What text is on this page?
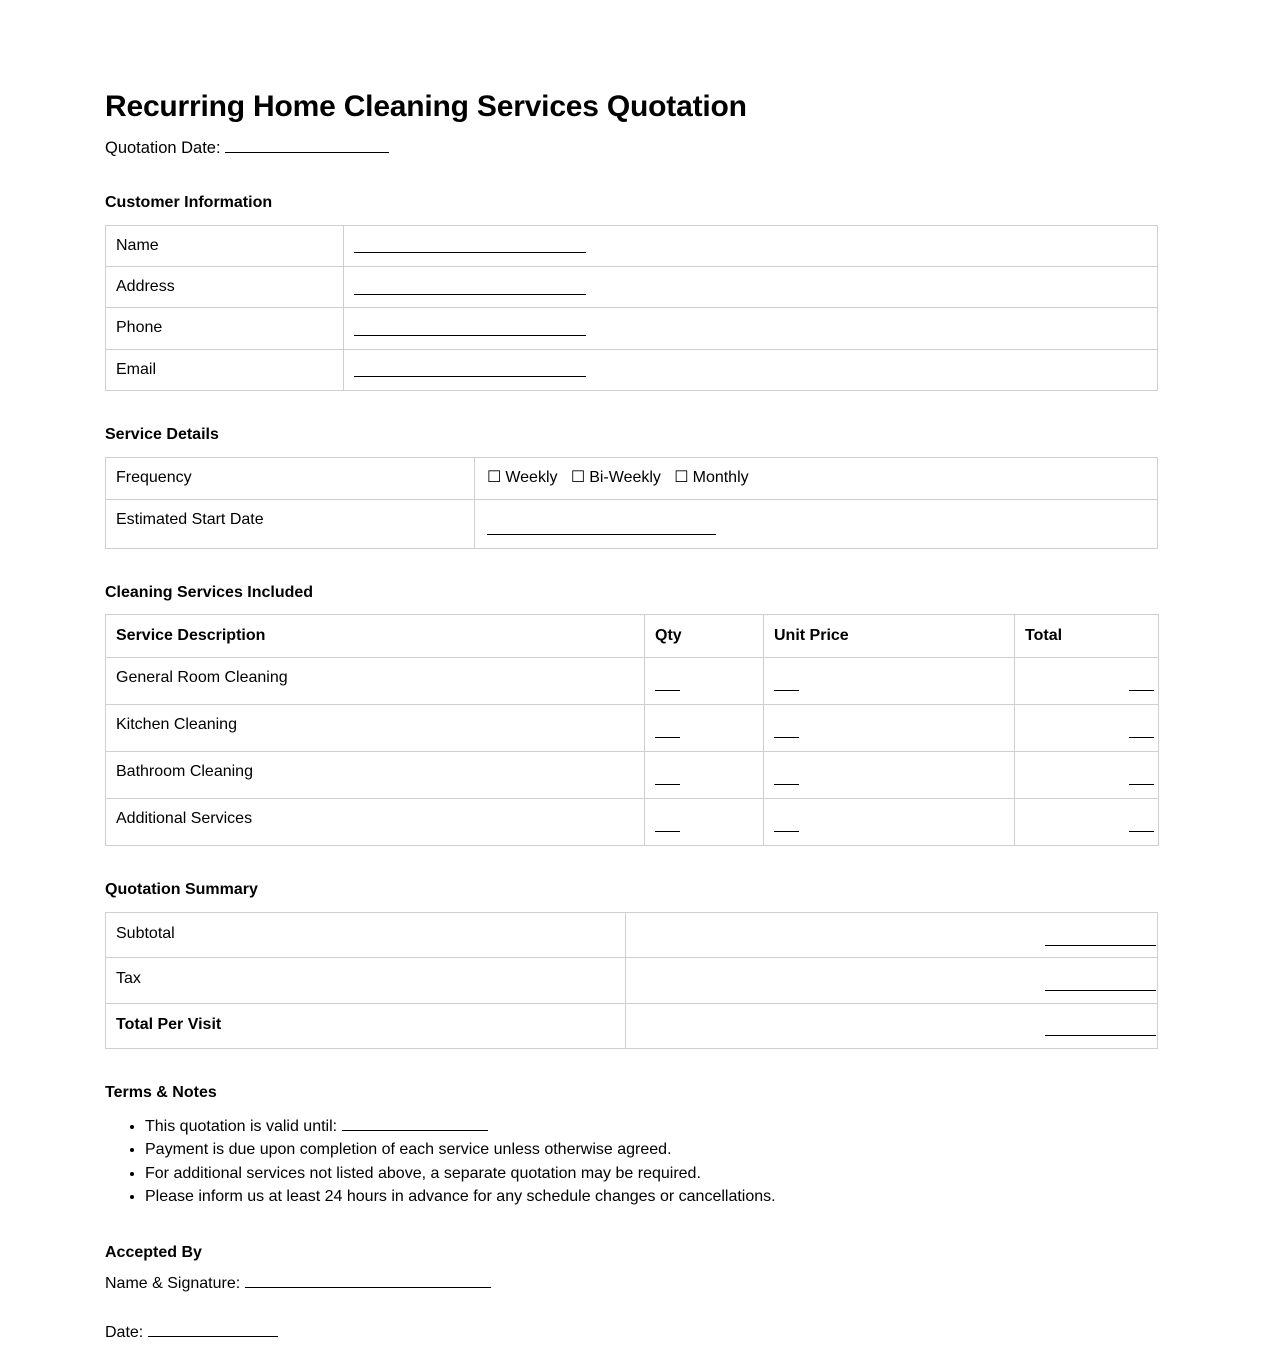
Recurring Home Cleaning Services Quotation

Quotation Date:

Customer Information
Name	
Address	
Phone	
Email	
Service Details
Frequency	☐ Weekly ☐ Bi-Weekly ☐ Monthly
Estimated Start Date	
Cleaning Services Included
Service Description	Qty	Unit Price	Total
General Room Cleaning			
Kitchen Cleaning			
Bathroom Cleaning			
Additional Services			
Quotation Summary
Subtotal	
Tax	
Total Per Visit	
Terms & Notes
• This quotation is valid until:
• Payment is due upon completion of each service unless otherwise agreed.
• For additional services not listed above, a separate quotation may be required.
• Please inform us at least 24 hours in advance for any schedule changes or cancellations.
Accepted By

Name & Signature:

Date:
